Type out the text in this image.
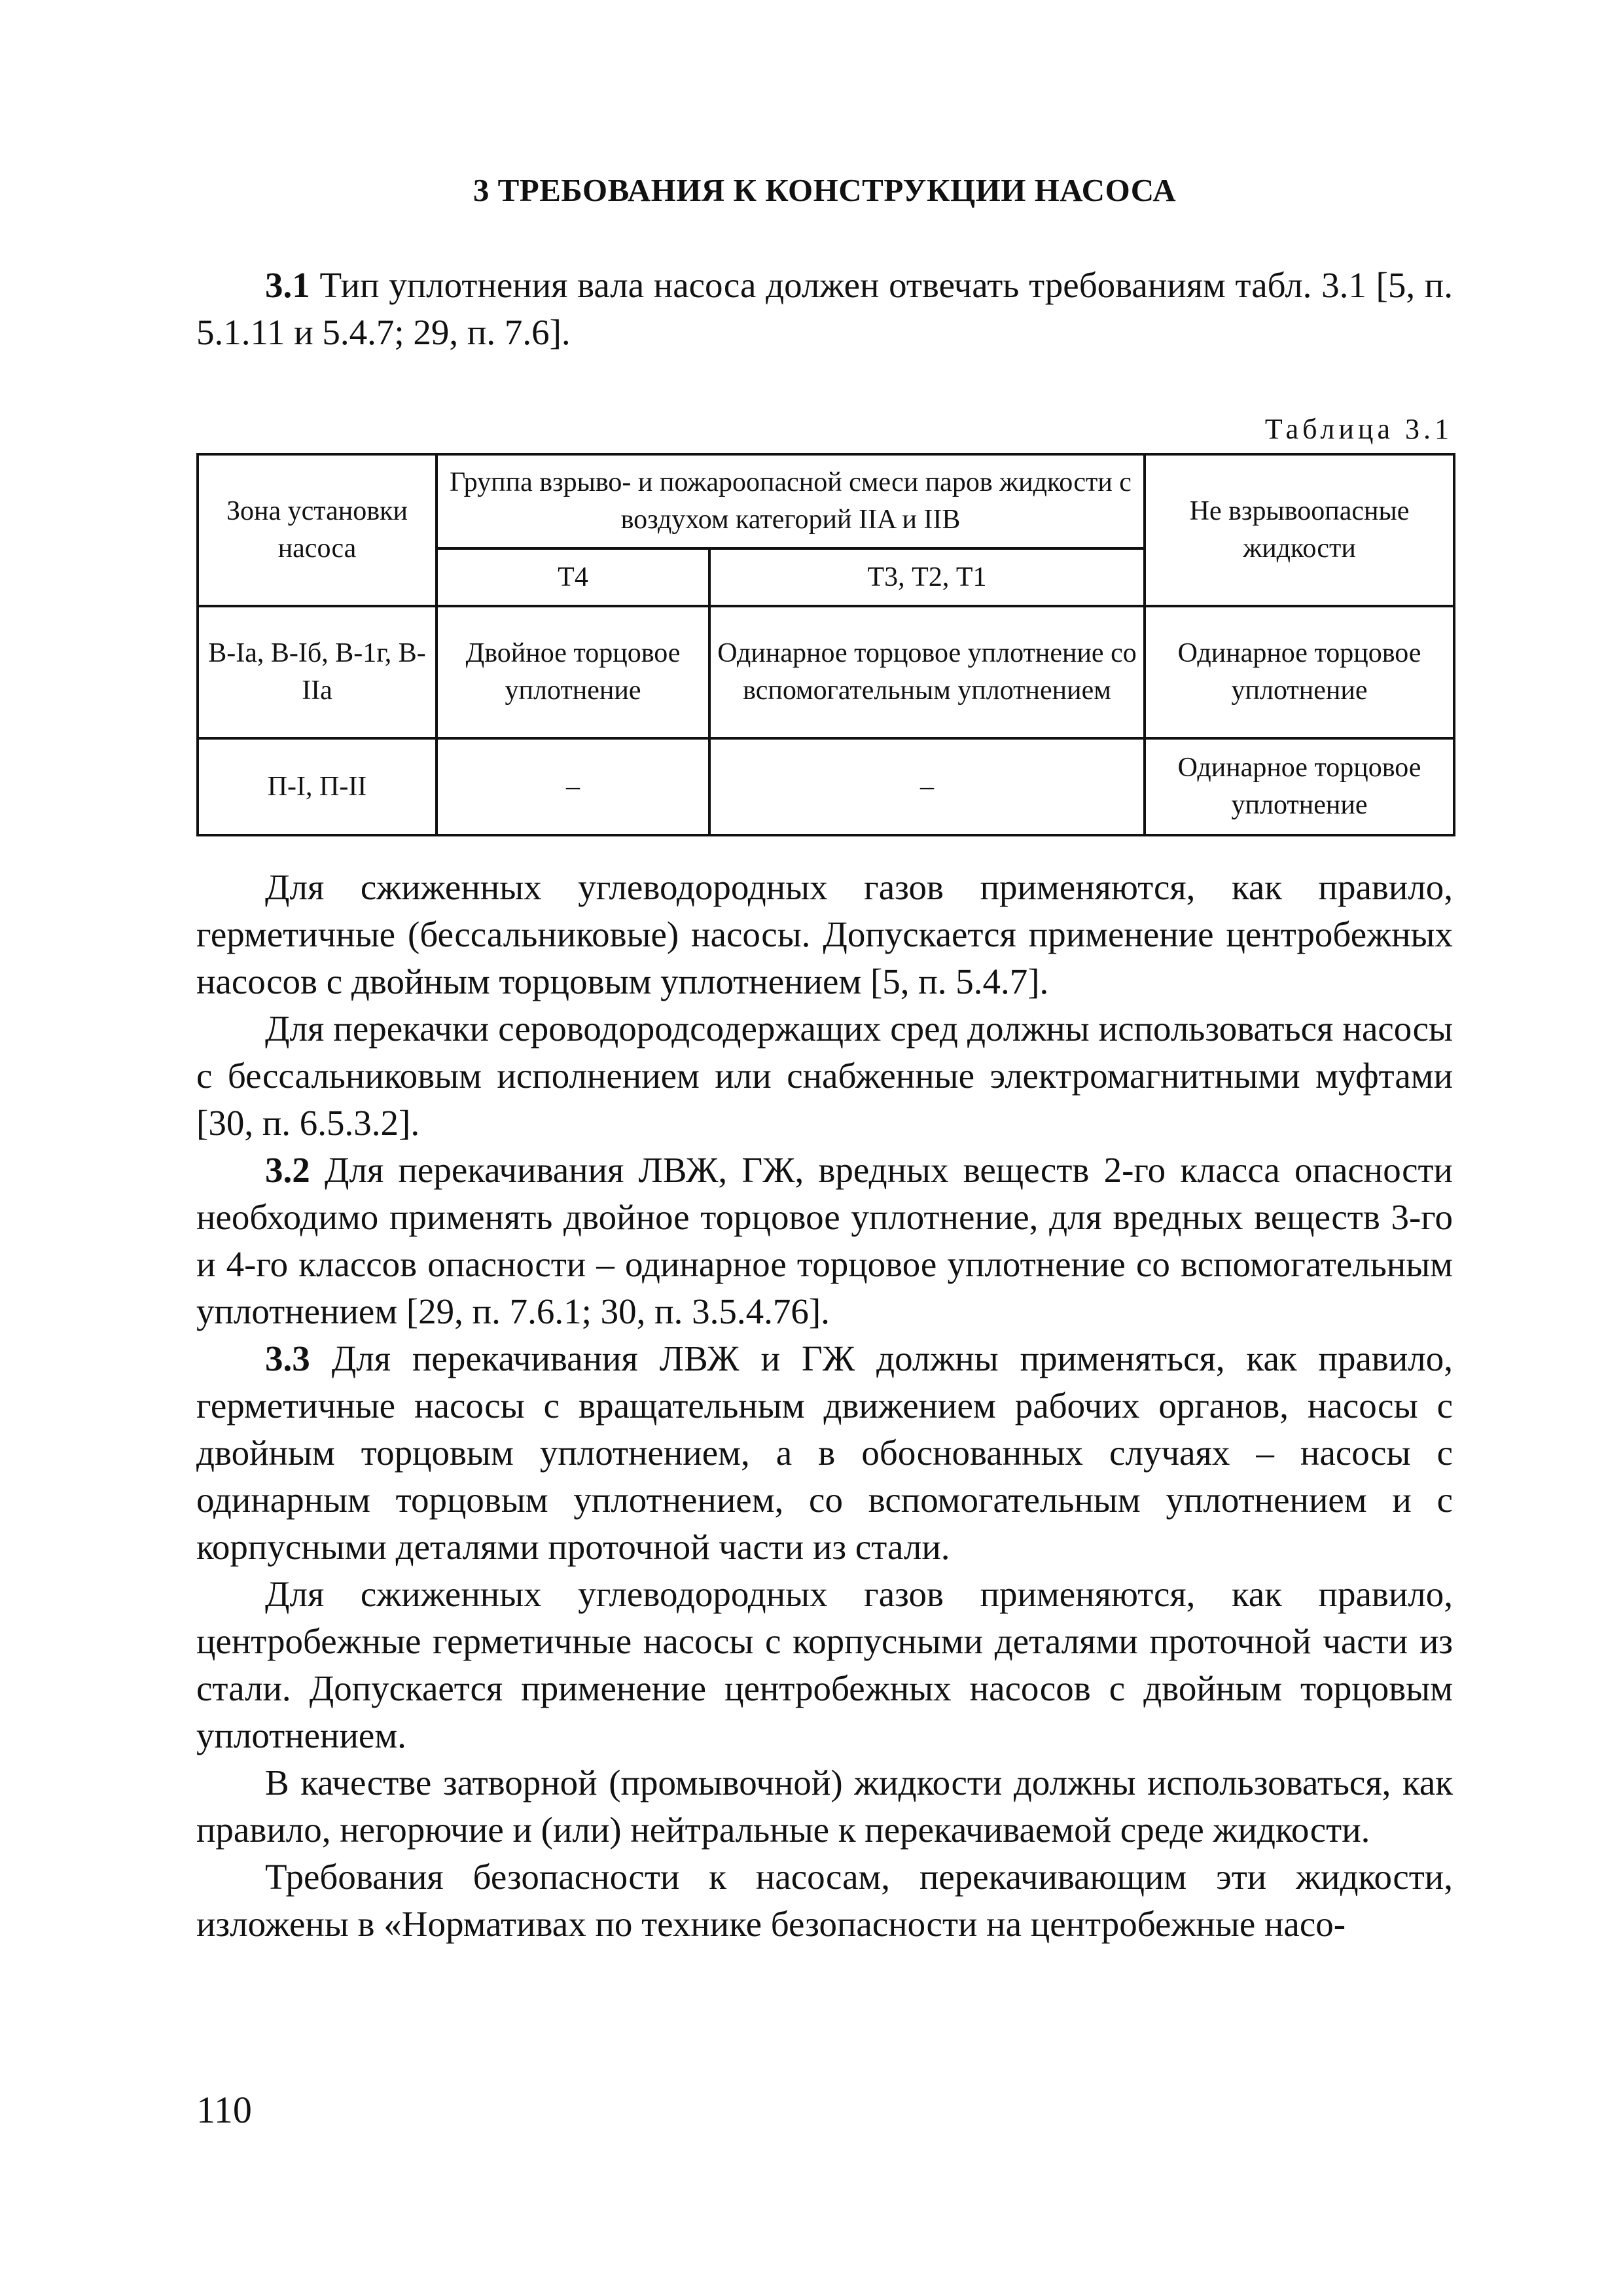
3 ТРЕБОВАНИЯ К КОНСТРУКЦИИ НАСОСА

3.1 Тип уплотнения вала насоса должен отвечать требованиям табл. 3.1 [5, п. 5.1.11 и 5.4.7; 29, п. 7.6].

Таблица 3.1

Зона установки насоса	Группа взрыво- и пожароопасной смеси паров жидкости с воздухом категорий IIA и IIB		Не взрывоопасные жидкости
	Т4	Т3, Т2, Т1	
В-Iа, В-Iб, В-1г, В-IIа	Двойное торцовое уплотнение	Одинарное торцовое уплотнение со вспомогательным уплотнением	Одинарное торцовое уплотнение
П-I, П-II	–	–	Одинарное торцовое уплотнение

Для сжиженных углеводородных газов применяются, как правило, герметичные (бессальниковые) насосы. Допускается применение центробежных насосов с двойным торцовым уплотнением [5, п. 5.4.7].

Для перекачки сероводородсодержащих сред должны использоваться насосы с бессальниковым исполнением или снабженные электромагнитными муфтами [30, п. 6.5.3.2].

3.2 Для перекачивания ЛВЖ, ГЖ, вредных веществ 2-го класса опасности необходимо применять двойное торцовое уплотнение, для вредных веществ 3-го и 4-го классов опасности – одинарное торцовое уплотнение со вспомогательным уплотнением [29, п. 7.6.1; 30, п. 3.5.4.76].

3.3 Для перекачивания ЛВЖ и ГЖ должны применяться, как правило, герметичные насосы с вращательным движением рабочих органов, насосы с двойным торцовым уплотнением, а в обоснованных случаях – насосы с одинарным торцовым уплотнением, со вспомогательным уплотнением и с корпусными деталями проточной части из стали.

Для сжиженных углеводородных газов применяются, как правило, центробежные герметичные насосы с корпусными деталями проточной части из стали. Допускается применение центробежных насосов с двойным торцовым уплотнением.

В качестве затворной (промывочной) жидкости должны использоваться, как правило, негорючие и (или) нейтральные к перекачиваемой среде жидкости.

Требования безопасности к насосам, перекачивающим эти жидкости, изложены в «Нормативах по технике безопасности на центробежные насо-

110
